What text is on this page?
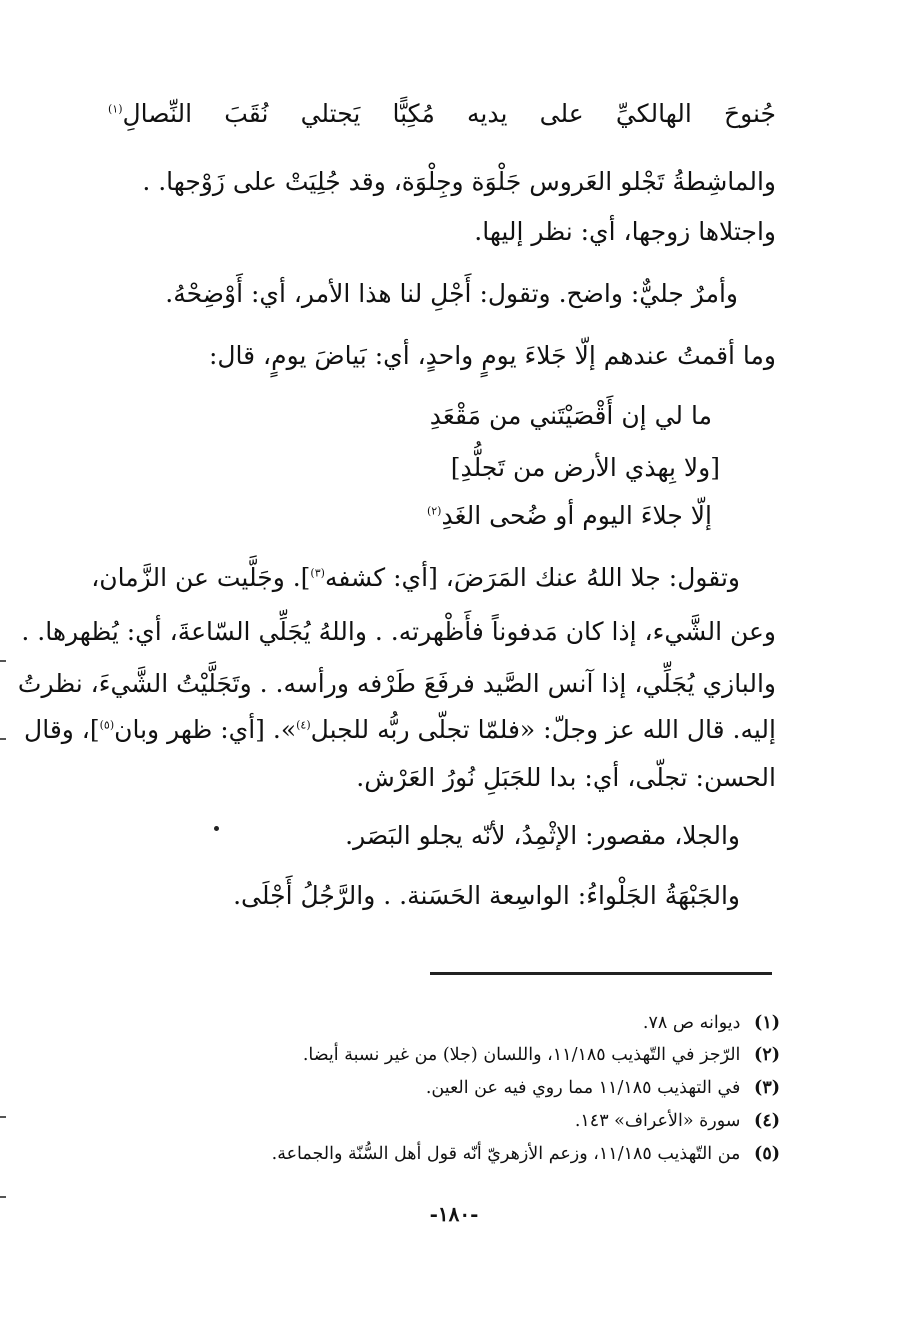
جُنوحَ الهالكيِّ على يديه مُكِبًّا يَجتلي نُقَبَ النِّصالِ$^{(١)}$
والماشِطةُ تَجْلو العَروس جَلْوَة وجِلْوَة، وقد جُلِيَتْ على زَوْجها. .
واجتلاها زوجها، أي: نظر إليها.
وأمرٌ جليٌّ: واضح. وتقول: أَجْلِ لنا هذا الأمر، أي: أَوْضِحْهُ.
وما أقمتُ عندهم إلّا جَلاءَ يومٍ واحدٍ، أي: بَياضَ يومٍ، قال:
ما لي إن أَقْصَيْتَني من مَقْعَدِ
[ولا بِهذي الأرض من تَجلُّدِ]
إلّا جلاءَ اليوم أو ضُحى الغَدِ$^{(٢)}$
وتقول: جلا اللهُ عنك المَرَضَ، [أي: كشفه$^{(٣)}$]. وجَلَّيت عن الزَّمان،
وعن الشَّيء، إذا كان مَدفوناً فأَظْهرته. . واللهُ يُجَلِّي السّاعةَ، أي: يُظهرها. .
والبازي يُجَلِّي، إذا آنس الصَّيد فرفَعَ طَرْفه ورأسه. . وتَجَلَّيْتُ الشَّيءَ، نظرتُ
إليه. قال الله عز وجلّ: «فلمّا تجلّى ربُّه للجبل$^{(٤)}$». [أي: ظهر وبان$^{(٥)}$]، وقال
الحسن: تجلّى، أي: بدا للجَبَلِ نُورُ العَرْش.
والجلا، مقصور: الإثْمِدُ، لأنّه يجلو البَصَر.
والجَبْهَةُ الجَلْواءُ: الواسِعة الحَسَنة. . والرَّجُلُ أَجْلَى.
(١) ديوانه ص ٧٨.
(٢) الرّجز في التّهذيب ١١/١٨٥، واللسان (جلا) من غير نسبة أيضا.
(٣) في التهذيب ١١/١٨٥ مما روي فيه عن العين.
(٤) سورة «الأعراف» ١٤٣.
(٥) من التّهذيب ١١/١٨٥، وزعم الأزهريّ أنّه قول أهل السُّنّة والجماعة.
-١٨٠-
